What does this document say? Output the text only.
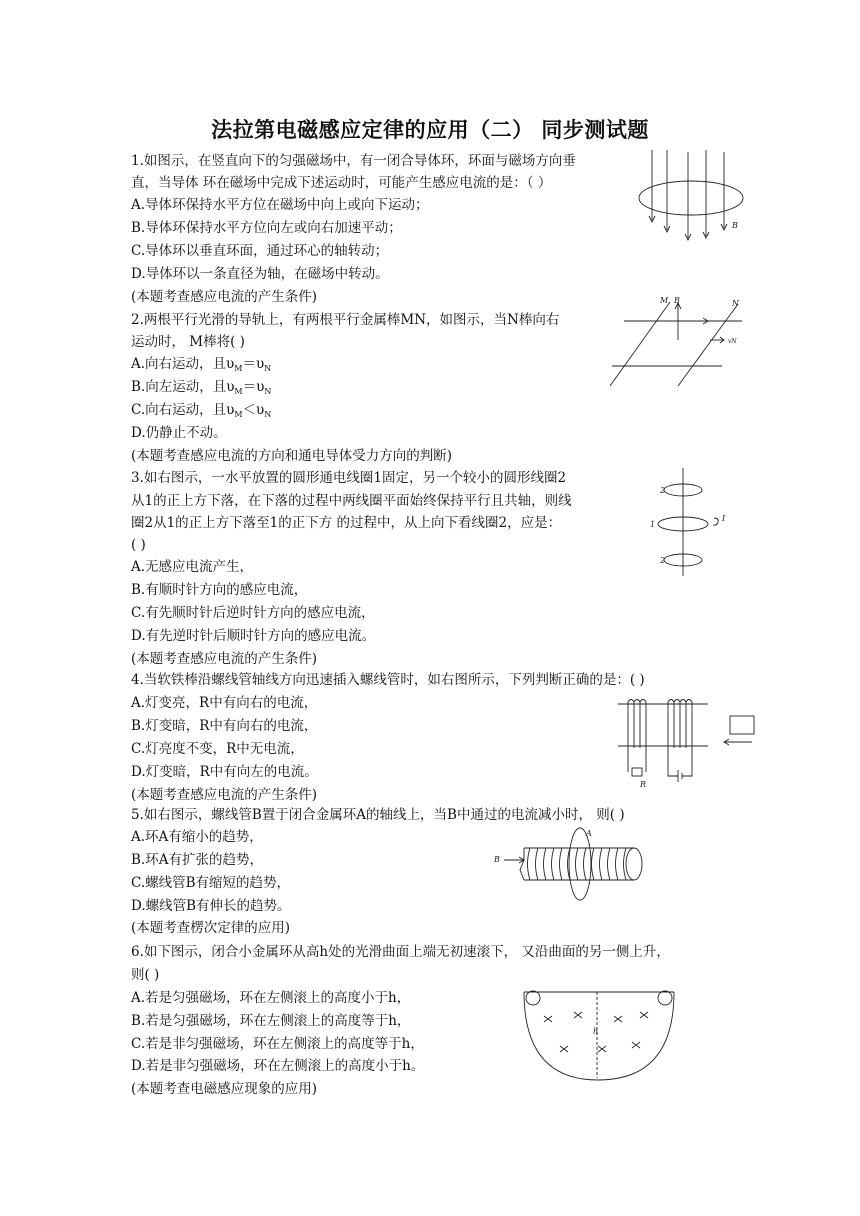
法拉第电磁感应定律的应用（二） 同步测试题
1.如图示，在竖直向下的匀强磁场中，有一闭合导体环，环面与磁场方向垂
直，当导体 环在磁场中完成下述运动时，可能产生感应电流的是：（ ）
A.导体环保持水平方位在磁场中向上或向下运动；
B.导体环保持水平方位向左或向右加速平动；
C.导体环以垂直环面，通过环心的轴转动；
D.导体环以一条直径为轴，在磁场中转动。
(本题考查感应电流的产生条件)
B
2.两根平行光滑的导轨上，有两根平行金属棒MN，如图示，当N棒向右
运动时， M棒将( )
A.向右运动，且$\upsilon_M=\upsilon_N$
B.向左运动，且$\upsilon_M=\upsilon_N$
C.向右运动，且$\upsilon_M<\upsilon_N$
D.仍静止不动。
(本题考查感应电流的方向和通电导体受力方向的判断)
M B	N
vN
3.如右图示，一水平放置的圆形通电线圈1固定，另一个较小的圆形线圈2
从1的正上方下落，在下落的过程中两线圈平面始终保持平行且共轴，则线
圈2从1的正上方下落至1的正下方 的过程中，从上向下看线圈2，应是：
( )
A.无感应电流产生，
B.有顺时针方向的感应电流，
C.有先顺时针后逆时针方向的感应电流，
D.有先逆时针后顺时针方向的感应电流。
(本题考查感应电流的产生条件)
2
1
I
2
4.当软铁棒沿螺线管轴线方向迅速插入螺线管时，如右图所示，下列判断正确的是：( )
A.灯变亮，R中有向右的电流，
B.灯变暗，R中有向右的电流，
C.灯亮度不变，R中无电流，
D.灯变暗，R中有向左的电流。
(本题考查感应电流的产生条件)
R
5.如右图示，螺线管B置于闭合金属环A的轴线上，当B中通过的电流减小时， 则( )
A.环A有缩小的趋势，
B.环A有扩张的趋势，
C.螺线管B有缩短的趋势，
D.螺线管B有伸长的趋势。
(本题考查楞次定律的应用)
A
B
6.如下图示，闭合小金属环从高h处的光滑曲面上端无初速滚下， 又沿曲面的另一侧上升，
则( )
A.若是匀强磁场，环在左侧滚上的高度小于h，
B.若是匀强磁场，环在左侧滚上的高度等于h，
C.若是非匀强磁场，环在左侧滚上的高度等于h，
D.若是非匀强磁场，环在左侧滚上的高度小于h。
(本题考查电磁感应现象的应用)
h
